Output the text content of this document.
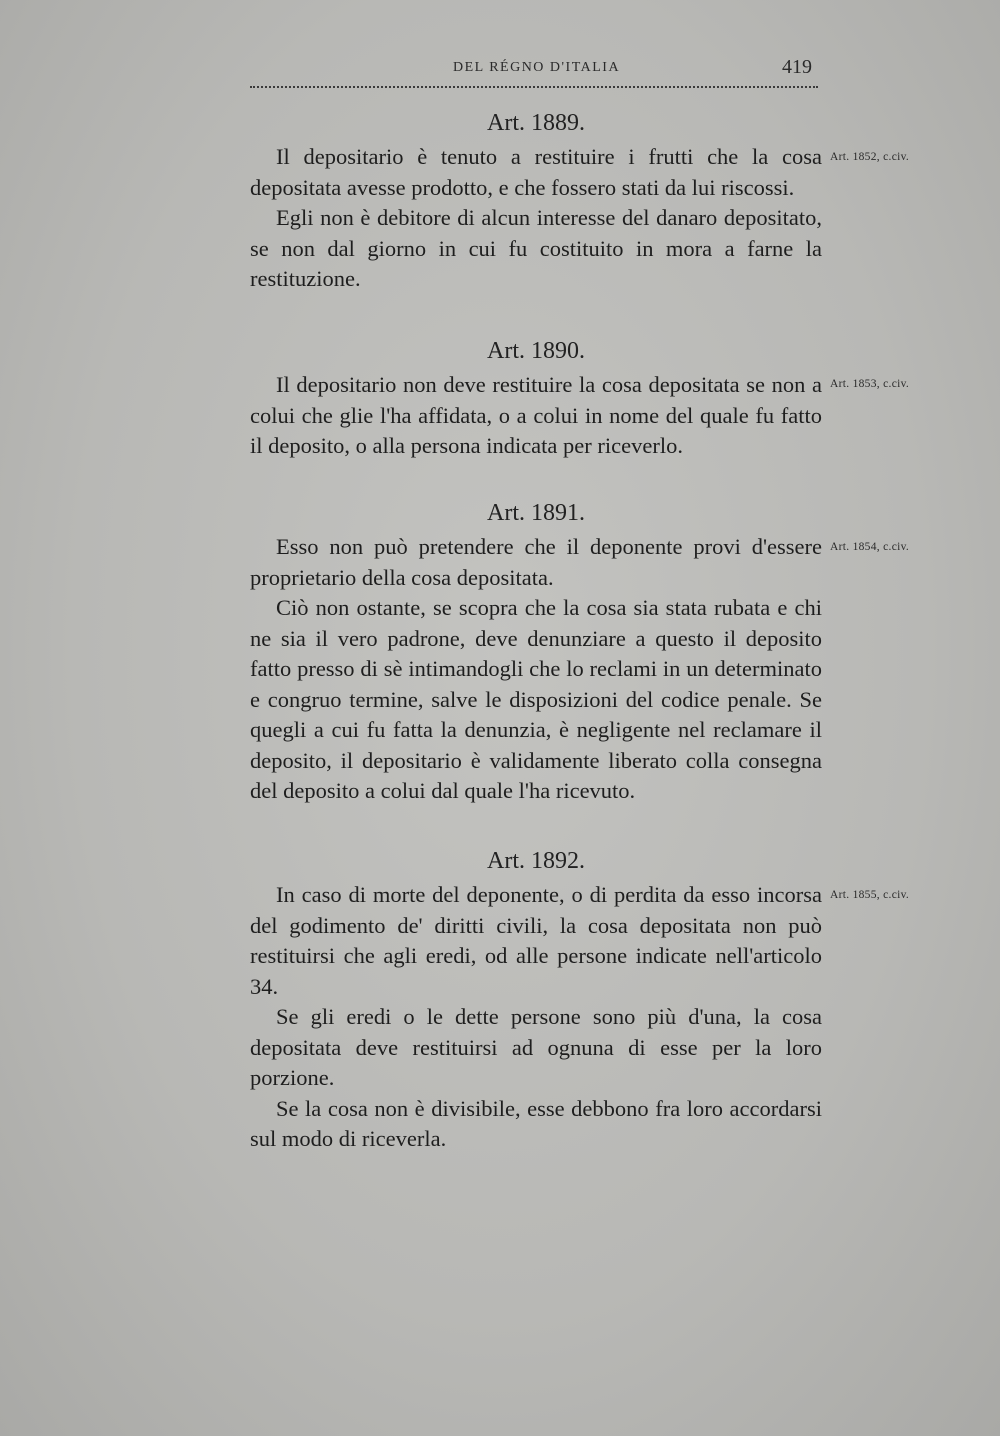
DEL RÉGNO D'ITALIA	419
Art. 1889.

Il depositario è tenuto a restituire i frutti che la cosa depositata avesse prodotto, e che fossero stati da lui riscossi.

Egli non è debitore di alcun interesse del danaro depositato, se non dal giorno in cui fu costituito in mora a farne la restituzione.

Art. 1852, c.civ.
Art. 1890.

Il depositario non deve restituire la cosa depositata se non a colui che glie l'ha affidata, o a colui in nome del quale fu fatto il deposito, o alla persona indicata per riceverlo.

Art. 1853, c.civ.
Art. 1891.

Esso non può pretendere che il deponente provi d'essere proprietario della cosa depositata.

Ciò non ostante, se scopra che la cosa sia stata rubata e chi ne sia il vero padrone, deve denunziare a questo il deposito fatto presso di sè intimandogli che lo reclami in un determinato e congruo termine, salve le disposizioni del codice penale. Se quegli a cui fu fatta la denunzia, è negligente nel reclamare il deposito, il depositario è validamente liberato colla consegna del deposito a colui dal quale l'ha ricevuto.

Art. 1854, c.civ.
Art. 1892.

In caso di morte del deponente, o di perdita da esso incorsa del godimento de' diritti civili, la cosa depositata non può restituirsi che agli eredi, od alle persone indicate nell'articolo 34.

Se gli eredi o le dette persone sono più d'una, la cosa depositata deve restituirsi ad ognuna di esse per la loro porzione.

Se la cosa non è divisibile, esse debbono fra loro accordarsi sul modo di riceverla.

Art. 1855, c.civ.
